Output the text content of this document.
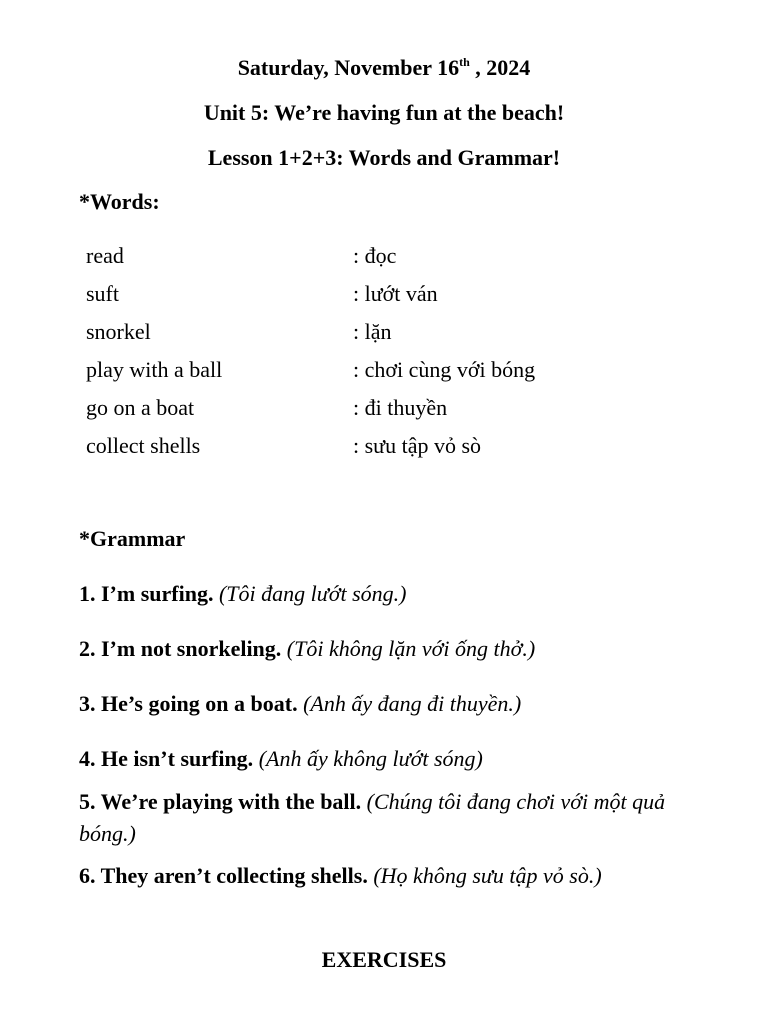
Saturday, November 16th , 2024
Unit 5: We’re having fun at the beach!
Lesson 1+2+3: Words and Grammar!
*Words:
read	: đọc
suft	: lướt ván
snorkel	: lặn
play with a ball	: chơi cùng với bóng
go on a boat	: đi thuyền
collect shells	: sưu tập vỏ sò
*Grammar
1. I’m surfing. (Tôi đang lướt sóng.)
2. I’m not snorkeling. (Tôi không lặn với ống thở.)
3. He’s going on a boat. (Anh ấy đang đi thuyền.)
4. He isn’t surfing. (Anh ấy không lướt sóng)
5. We’re playing with the ball. (Chúng tôi đang chơi với một quả bóng.)
6. They aren’t collecting shells. (Họ không sưu tập vỏ sò.)
EXERCISES
